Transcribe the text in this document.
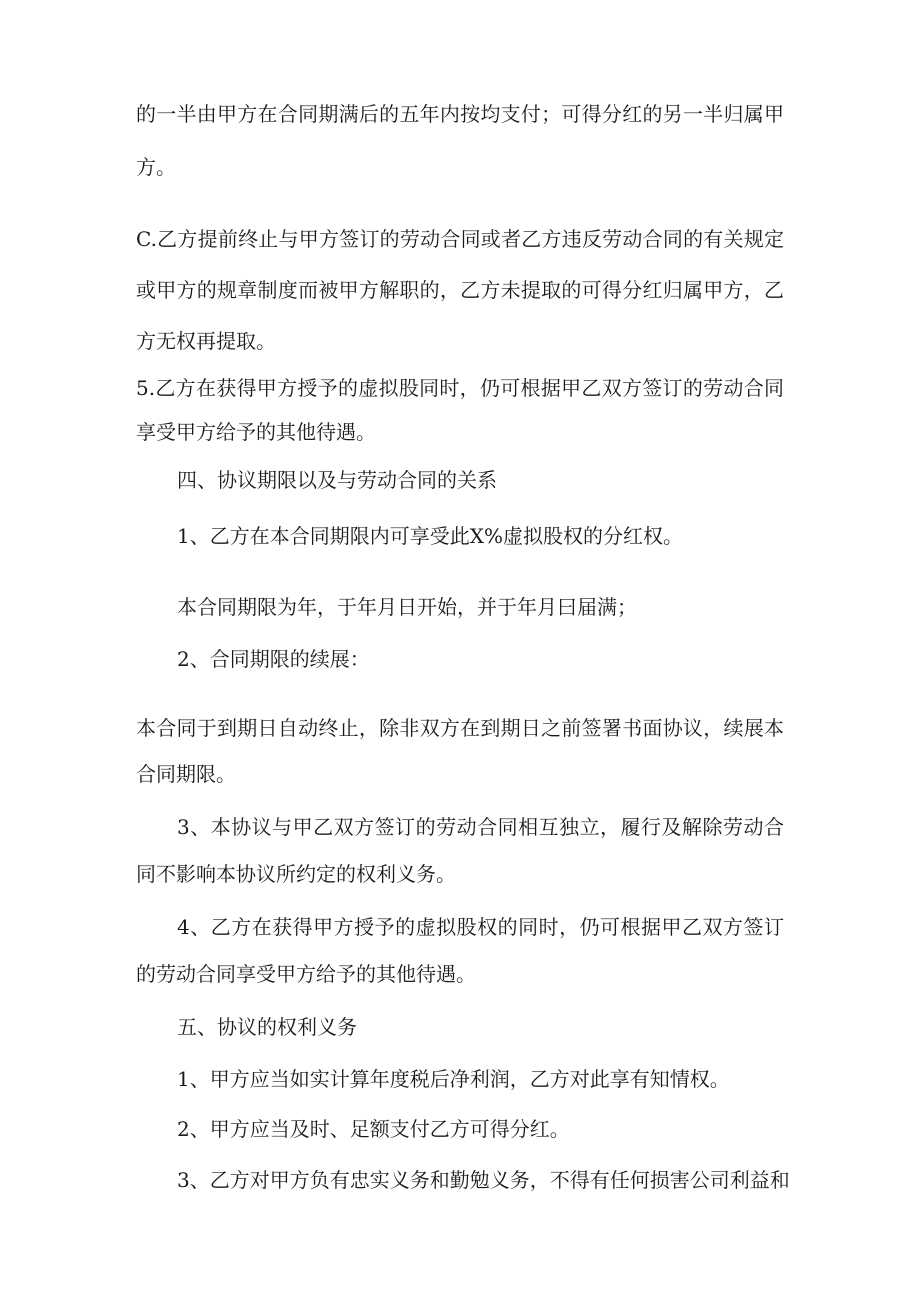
的一半由甲方在合同期满后的五年内按均支付；可得分红的另一半归属甲

方。

C.乙方提前终止与甲方签订的劳动合同或者乙方违反劳动合同的有关规定

或甲方的规章制度而被甲方解职的，乙方未提取的可得分红归属甲方，乙

方无权再提取。

5.乙方在获得甲方授予的虚拟股同时，仍可根据甲乙双方签订的劳动合同

享受甲方给予的其他待遇。

四、协议期限以及与劳动合同的关系

1、乙方在本合同期限内可享受此X%虚拟股权的分红权。

本合同期限为年，于年月日开始，并于年月曰届满；

2、合同期限的续展：

本合同于到期日自动终止，除非双方在到期日之前签署书面协议，续展本

合同期限。

3、本协议与甲乙双方签订的劳动合同相互独立，履行及解除劳动合

同不影响本协议所约定的权利义务。

4、乙方在获得甲方授予的虚拟股权的同时，仍可根据甲乙双方签订

的劳动合同享受甲方给予的其他待遇。

五、协议的权利义务

1、甲方应当如实计算年度税后净利润，乙方对此享有知情权。

2、甲方应当及时、足额支付乙方可得分红。

3、乙方对甲方负有忠实义务和勤勉义务，不得有任何损害公司利益和
